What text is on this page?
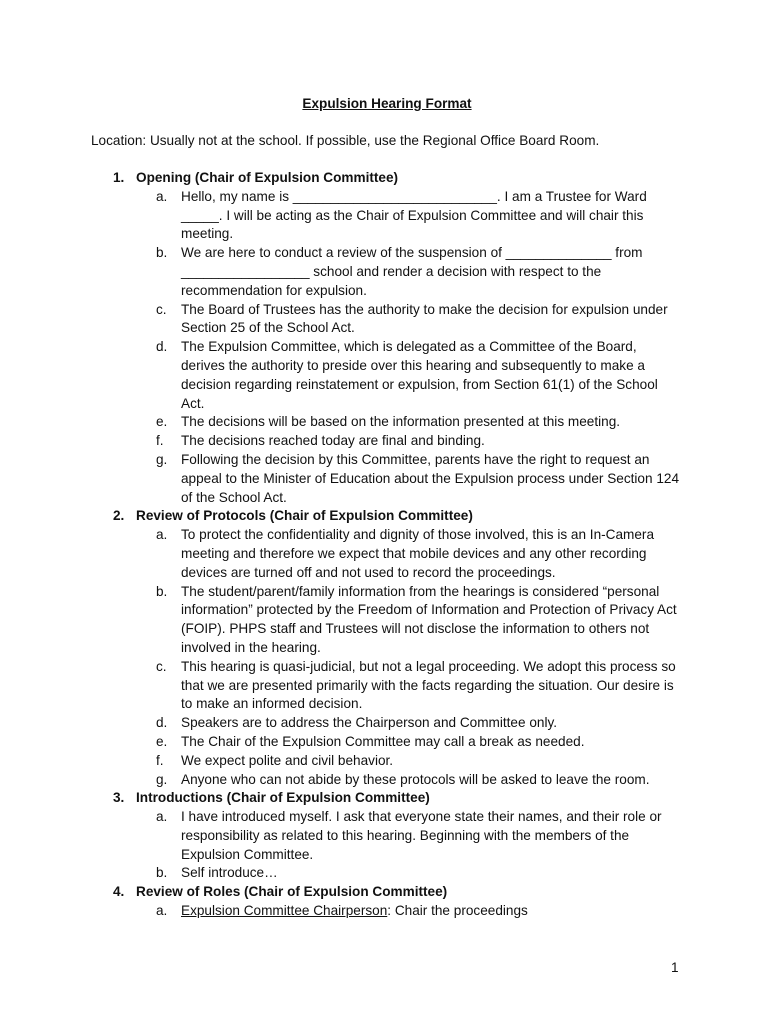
Expulsion Hearing Format

Location: Usually not at the school. If possible, use the Regional Office Board Room.

1. Opening (Chair of Expulsion Committee)
a.	Hello, my name is ___________________________. I am a Trustee for Ward _____. I will be acting as the Chair of Expulsion Committee and will chair this meeting.
b.	We are here to conduct a review of the suspension of ______________ from _________________ school and render a decision with respect to the recommendation for expulsion.
c.	The Board of Trustees has the authority to make the decision for expulsion under Section 25 of the School Act.
d.	The Expulsion Committee, which is delegated as a Committee of the Board, derives the authority to preside over this hearing and subsequently to make a decision regarding reinstatement or expulsion, from Section 61(1) of the School Act.
e.	The decisions will be based on the information presented at this meeting.
f.	The decisions reached today are final and binding.
g.	Following the decision by this Committee, parents have the right to request an appeal to the Minister of Education about the Expulsion process under Section 124 of the School Act.
2. Review of Protocols (Chair of Expulsion Committee)
a.	To protect the confidentiality and dignity of those involved, this is an In-Camera meeting and therefore we expect that mobile devices and any other recording devices are turned off and not used to record the proceedings.
b.	The student/parent/family information from the hearings is considered “personal information” protected by the Freedom of Information and Protection of Privacy Act (FOIP). PHPS staff and Trustees will not disclose the information to others not involved in the hearing.
c.	This hearing is quasi-judicial, but not a legal proceeding. We adopt this process so that we are presented primarily with the facts regarding the situation. Our desire is to make an informed decision.
d.	Speakers are to address the Chairperson and Committee only.
e.	The Chair of the Expulsion Committee may call a break as needed.
f.	We expect polite and civil behavior.
g.	Anyone who can not abide by these protocols will be asked to leave the room.
3. Introductions (Chair of Expulsion Committee)
a.	I have introduced myself. I ask that everyone state their names, and their role or responsibility as related to this hearing. Beginning with the members of the Expulsion Committee.
b.	Self introduce…
4. Review of Roles (Chair of Expulsion Committee)
a.	Expulsion Committee Chairperson: Chair the proceedings
1
